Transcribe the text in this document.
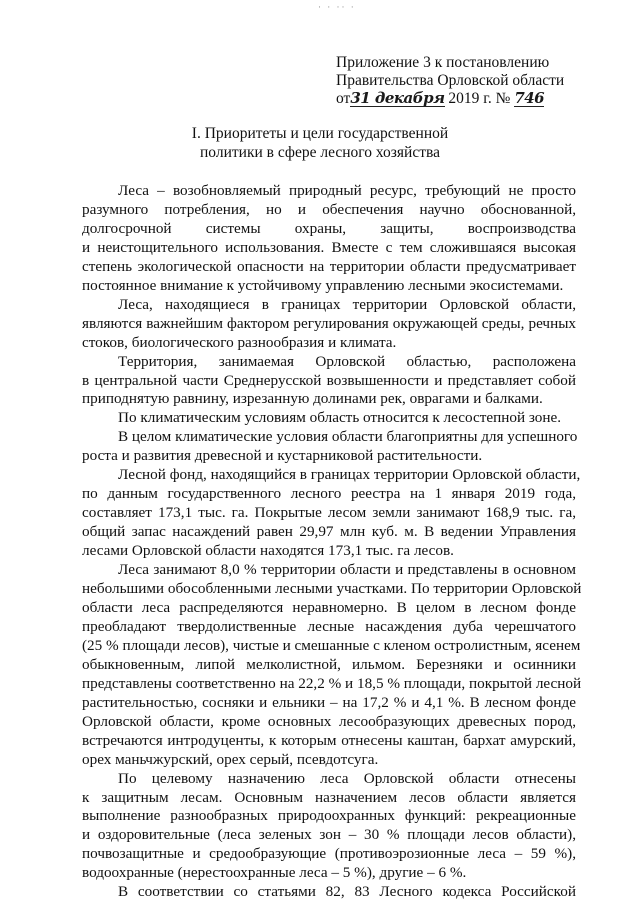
· · ·· ·
Приложение 3 к постановлению
Правительства Орловской области
от31 декабря 2019 г. № 746
I. Приоритеты и цели государственной
политики в сфере лесного хозяйства
Леса – возобновляемый природный ресурс, требующий не просто
разумного потребления, но и обеспечения научно обоснованной,
долгосрочной системы охраны, защиты, воспроизводства
и неистощительного использования. Вместе с тем сложившаяся высокая
степень экологической опасности на территории области предусматривает
постоянное внимание к устойчивому управлению лесными экосистемами.
Леса, находящиеся в границах территории Орловской области,
являются важнейшим фактором регулирования окружающей среды, речных
стоков, биологического разнообразия и климата.
Территория, занимаемая Орловской областью, расположена
в центральной части Среднерусской возвышенности и представляет собой
приподнятую равнину, изрезанную долинами рек, оврагами и балками.
По климатическим условиям область относится к лесостепной зоне.
В целом климатические условия области благоприятны для успешного
роста и развития древесной и кустарниковой растительности.
Лесной фонд, находящийся в границах территории Орловской области,
по данным государственного лесного реестра на 1 января 2019 года,
составляет 173,1 тыс. га. Покрытые лесом земли занимают 168,9 тыс. га,
общий запас насаждений равен 29,97 млн куб. м. В ведении Управления
лесами Орловской области находятся 173,1 тыс. га лесов.
Леса занимают 8,0 % территории области и представлены в основном
небольшими обособленными лесными участками. По территории Орловской
области леса распределяются неравномерно. В целом в лесном фонде
преобладают твердолиственные лесные насаждения дуба черешчатого
(25 % площади лесов), чистые и смешанные с кленом остролистным, ясенем
обыкновенным, липой мелколистной, ильмом. Березняки и осинники
представлены соответственно на 22,2 % и 18,5 % площади, покрытой лесной
растительностью, сосняки и ельники – на 17,2 % и 4,1 %. В лесном фонде
Орловской области, кроме основных лесообразующих древесных пород,
встречаются интродуценты, к которым отнесены каштан, бархат амурский,
орех маньчжурский, орех серый, псевдотсуга.
По целевому назначению леса Орловской области отнесены
к защитным лесам. Основным назначением лесов области является
выполнение разнообразных природоохранных функций: рекреационные
и оздоровительные (леса зеленых зон – 30 % площади лесов области),
почвозащитные и средообразующие (противоэрозионные леса – 59 %),
водоохранные (нерестоохранные леса – 5 %), другие – 6 %.
В соответствии со статьями 82, 83 Лесного кодекса Российской
